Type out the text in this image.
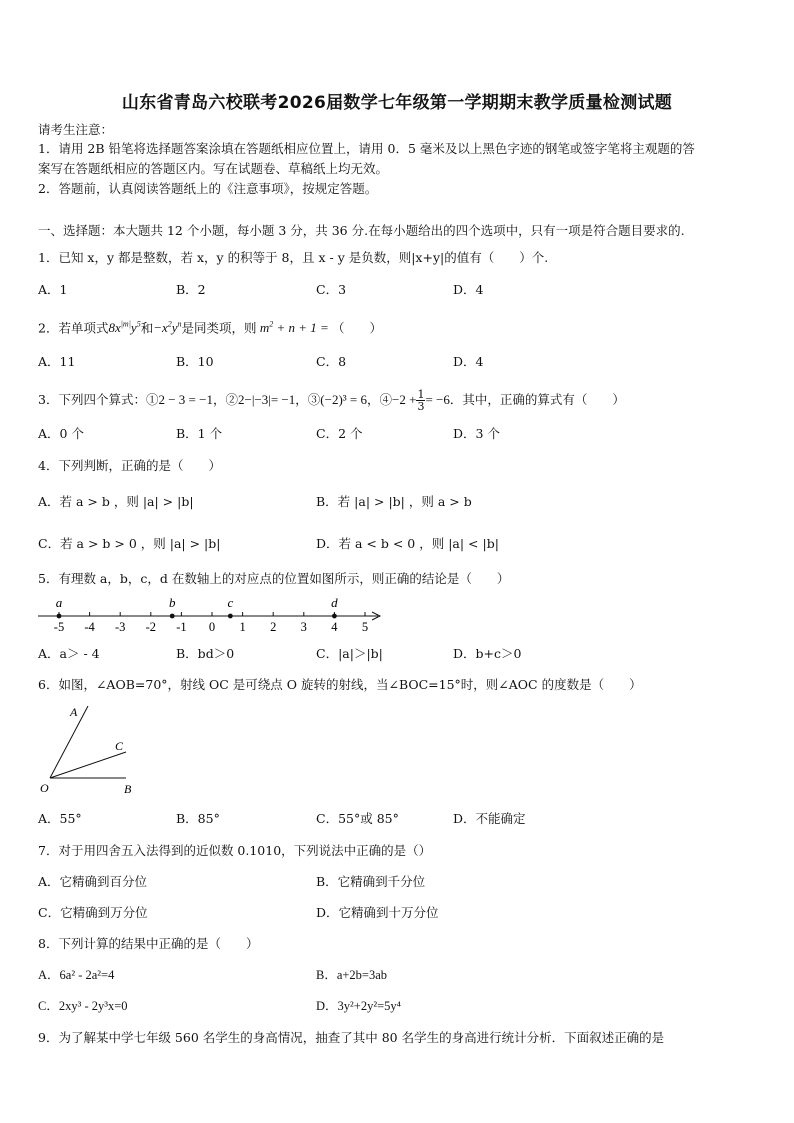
山东省青岛六校联考2026届数学七年级第一学期期末教学质量检测试题
请考生注意：
1．请用 2B 铅笔将选择题答案涂填在答题纸相应位置上，请用 0．5 毫米及以上黑色字迹的钢笔或签字笔将主观题的答
案写在答题纸相应的答题区内。写在试题卷、草稿纸上均无效。
2．答题前，认真阅读答题纸上的《注意事项》，按规定答题。
一、选择题：本大题共 12 个小题，每小题 3 分，共 36 分.在每小题给出的四个选项中，只有一项是符合题目要求的.
1．已知 x，y 都是整数，若 x，y 的积等于 8，且 x - y 是负数，则|x+y|的值有（　　）个.
A．1	B．2	C．3	D．4
2．若单项式$8x^{|m|}y^5$和$-x^2y^n$是同类项，则 $m^2 + n + 1$ = （　　）
A．11	B．10	C．8	D．4
3．下列四个算式：①2 − 3 = −1，②2−|−3|= −1，③(−2)³ = 6，④−2 + $\frac{1}{3} = -6$．其中，正确的算式有（　　）
A．0 个	B．1 个	C．2 个	D．3 个
4．下列判断，正确的是（　　）
A．若 a > b ，则 |a| > |b|	B．若 |a| > |b| ，则 a > b
C．若 a > b > 0 ，则 |a| > |b|	D．若 a < b < 0 ，则 |a| < |b|
5．有理数 a，b，c，d 在数轴上的对应点的位置如图所示，则正确的结论是（　　）
-5 -4 -3 -2 -1 0 1 2 3 4 5
a	b	c	d
A．a＞ - 4	B．bd＞0	C．|a|＞|b|	D．b+c＞0
6．如图，∠AOB=70°，射线 OC 是可绕点 O 旋转的射线，当∠BOC=15°时，则∠AOC 的度数是（　　）
A
C
O	B
A．55°	B．85°	C．55°或 85°	D．不能确定
7．对于用四舍五入法得到的近似数 0.1010，下列说法中正确的是（）
A．它精确到百分位	B．它精确到千分位
C．它精确到万分位	D．它精确到十万分位
8．下列计算的结果中正确的是（　　）
A．6a² - 2a²=4	B．a+2b=3ab
C．2xy³ - 2y³x=0	D．3y²+2y²=5y⁴
9．为了解某中学七年级 560 名学生的身高情况，抽查了其中 80 名学生的身高进行统计分析．下面叙述正确的是
